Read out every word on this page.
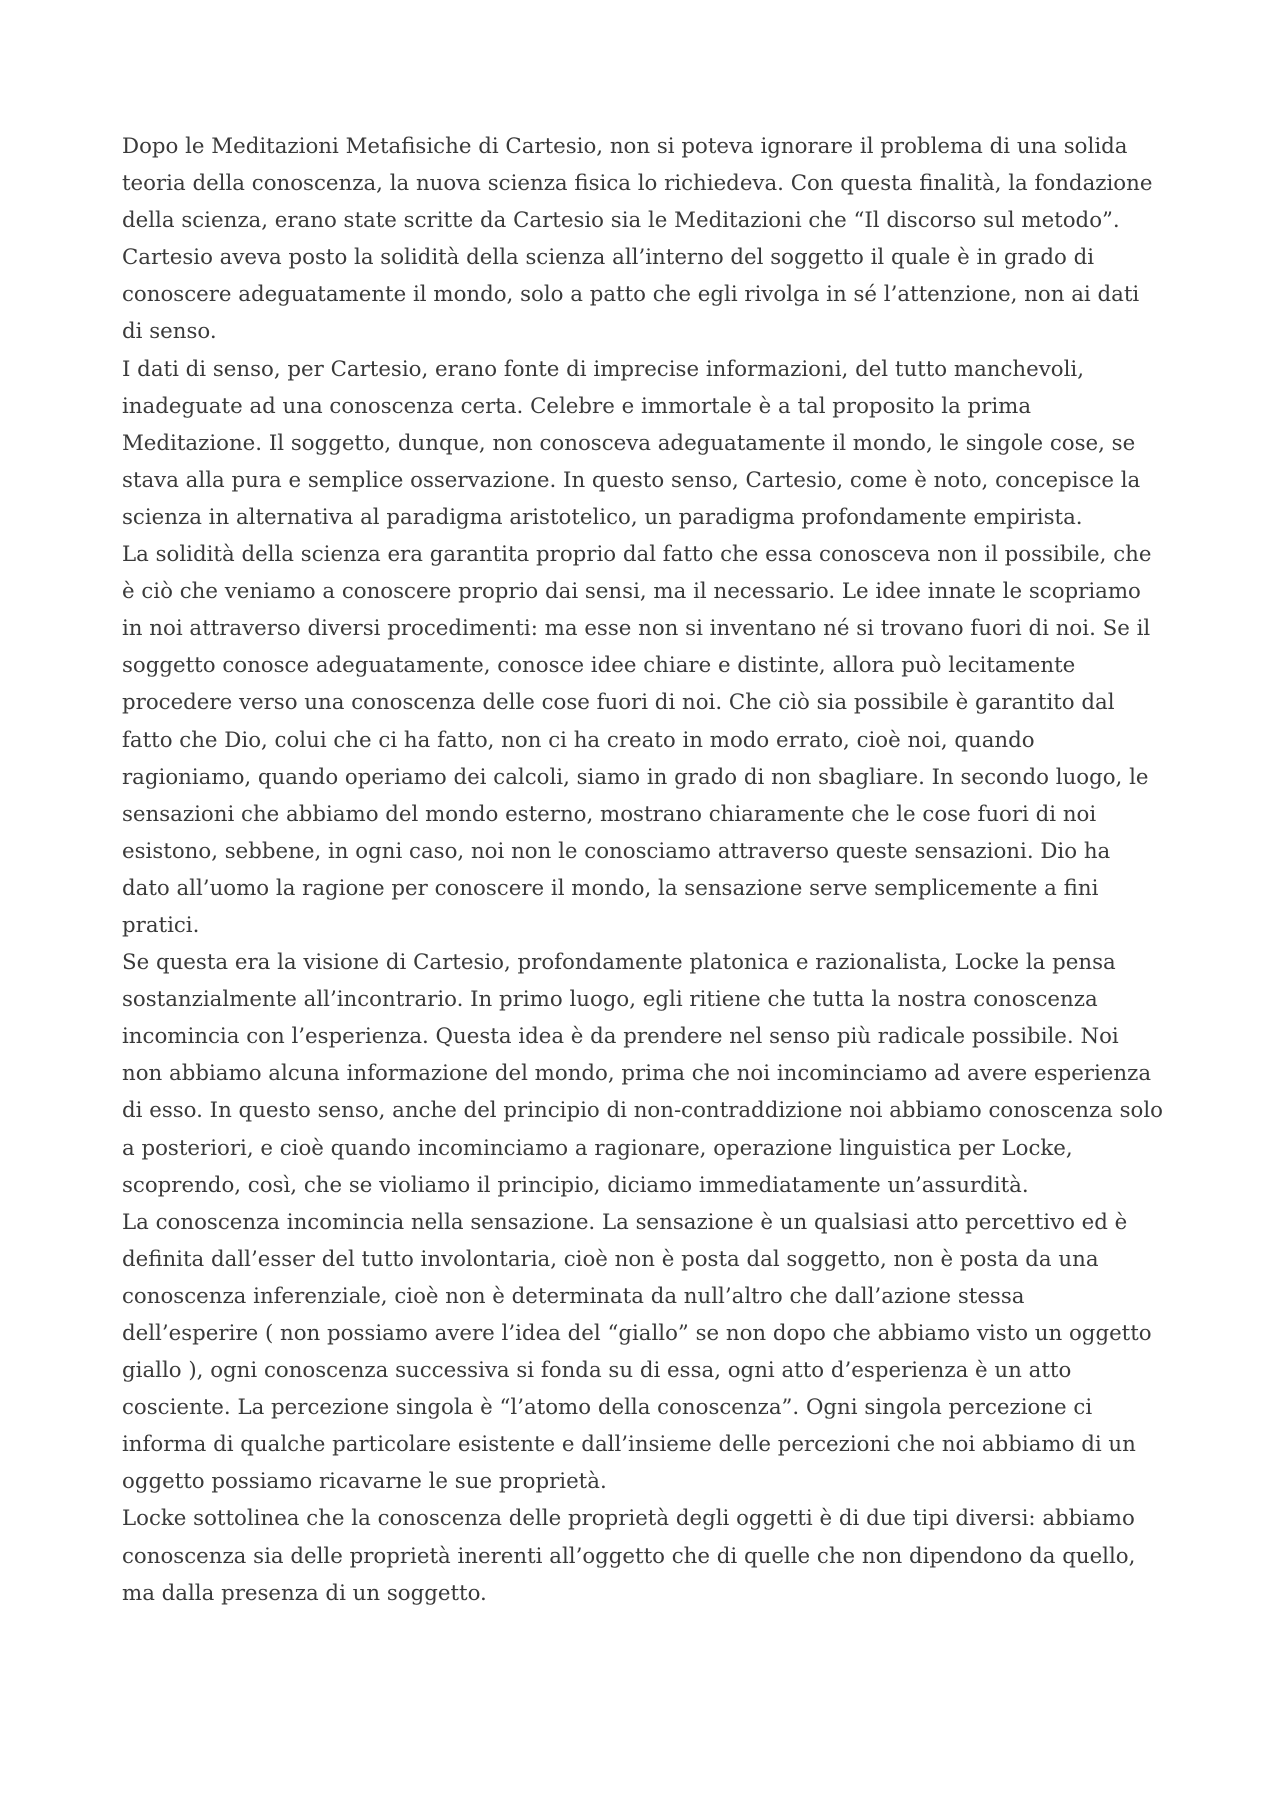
Dopo le Meditazioni Metafisiche di Cartesio, non si poteva ignorare il problema di una solida teoria della conoscenza, la nuova scienza fisica lo richiedeva. Con questa finalità, la fondazione della scienza, erano state scritte da Cartesio sia le Meditazioni che “Il discorso sul metodo”. Cartesio aveva posto la solidità della scienza all’interno del soggetto il quale è in grado di conoscere adeguatamente il mondo, solo a patto che egli rivolga in sé l’attenzione, non ai dati di senso.

I dati di senso, per Cartesio, erano fonte di imprecise informazioni, del tutto manchevoli, inadeguate ad una conoscenza certa. Celebre e immortale è a tal proposito la prima Meditazione. Il soggetto, dunque, non conosceva adeguatamente il mondo, le singole cose, se stava alla pura e semplice osservazione. In questo senso, Cartesio, come è noto, concepisce la scienza in alternativa al paradigma aristotelico, un paradigma profondamente empirista.

La solidità della scienza era garantita proprio dal fatto che essa conosceva non il possibile, che è ciò che veniamo a conoscere proprio dai sensi, ma il necessario. Le idee innate le scopriamo in noi attraverso diversi procedimenti: ma esse non si inventano né si trovano fuori di noi. Se il soggetto conosce adeguatamente, conosce idee chiare e distinte, allora può lecitamente procedere verso una conoscenza delle cose fuori di noi. Che ciò sia possibile è garantito dal fatto che Dio, colui che ci ha fatto, non ci ha creato in modo errato, cioè noi, quando ragioniamo, quando operiamo dei calcoli, siamo in grado di non sbagliare. In secondo luogo, le sensazioni che abbiamo del mondo esterno, mostrano chiaramente che le cose fuori di noi esistono, sebbene, in ogni caso, noi non le conosciamo attraverso queste sensazioni. Dio ha dato all’uomo la ragione per conoscere il mondo, la sensazione serve semplicemente a fini pratici.

Se questa era la visione di Cartesio, profondamente platonica e razionalista, Locke la pensa sostanzialmente all’incontrario. In primo luogo, egli ritiene che tutta la nostra conoscenza incomincia con l’esperienza. Questa idea è da prendere nel senso più radicale possibile. Noi non abbiamo alcuna informazione del mondo, prima che noi incominciamo ad avere esperienza di esso. In questo senso, anche del principio di non-contraddizione noi abbiamo conoscenza solo a posteriori, e cioè quando incominciamo a ragionare, operazione linguistica per Locke, scoprendo, così, che se violiamo il principio, diciamo immediatamente un’assurdità.

La conoscenza incomincia nella sensazione. La sensazione è un qualsiasi atto percettivo ed è definita dall’esser del tutto involontaria, cioè non è posta dal soggetto, non è posta da una conoscenza inferenziale, cioè non è determinata da null’altro che dall’azione stessa dell’esperire ( non possiamo avere l’idea del “giallo” se non dopo che abbiamo visto un oggetto giallo ), ogni conoscenza successiva si fonda su di essa, ogni atto d’esperienza è un atto cosciente. La percezione singola è “l’atomo della conoscenza”. Ogni singola percezione ci informa di qualche particolare esistente e dall’insieme delle percezioni che noi abbiamo di un oggetto possiamo ricavarne le sue proprietà.

Locke sottolinea che la conoscenza delle proprietà degli oggetti è di due tipi diversi: abbiamo conoscenza sia delle proprietà inerenti all’oggetto che di quelle che non dipendono da quello, ma dalla presenza di un soggetto.
